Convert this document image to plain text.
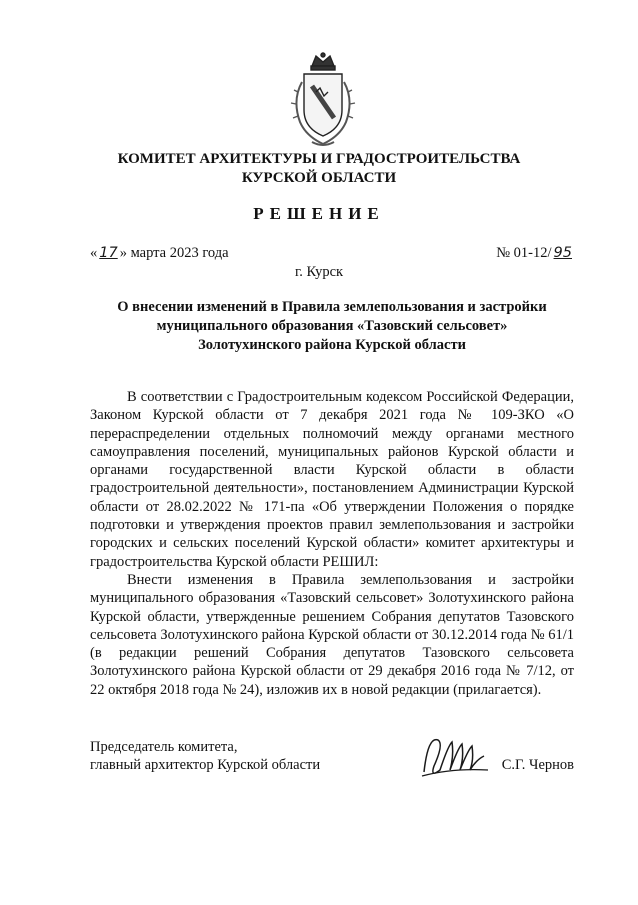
КОМИТЕТ АРХИТЕКТУРЫ И ГРАДОСТРОИТЕЛЬСТВА
КУРСКОЙ ОБЛАСТИ
РЕШЕНИЕ
« 17 » марта 2023 года	№ 01-12/ 95
г. Курск
О внесении изменений в Правила землепользования и застройки
муниципального образования «Тазовский сельсовет»
Золотухинского района Курской области

В соответствии с Градостроительным кодексом Российской Федерации, Законом Курской области от 7 декабря 2021 года № 109-ЗКО «О перераспределении отдельных полномочий между органами местного самоуправления поселений, муниципальных районов Курской области и органами государственной власти Курской области в области градостроительной деятельности», постановлением Администрации Курской области от 28.02.2022 № 171-па «Об утверждении Положения о порядке подготовки и утверждения проектов правил землепользования и застройки городских и сельских поселений Курской области» комитет архитектуры и градостроительства Курской области РЕШИЛ:

Внести изменения в Правила землепользования и застройки муниципального образования «Тазовский сельсовет» Золотухинского района Курской области, утвержденные решением Собрания депутатов Тазовского сельсовета Золотухинского района Курской области от 30.12.2014 года № 61/1 (в редакции решений Собрания депутатов Тазовского сельсовета Золотухинского района Курской области от 29 декабря 2016 года № 7/12, от 22 октября 2018 года № 24), изложив их в новой редакции (прилагается).

Председатель комитета,
главный архитектор Курской области	С.Г. Чернов
